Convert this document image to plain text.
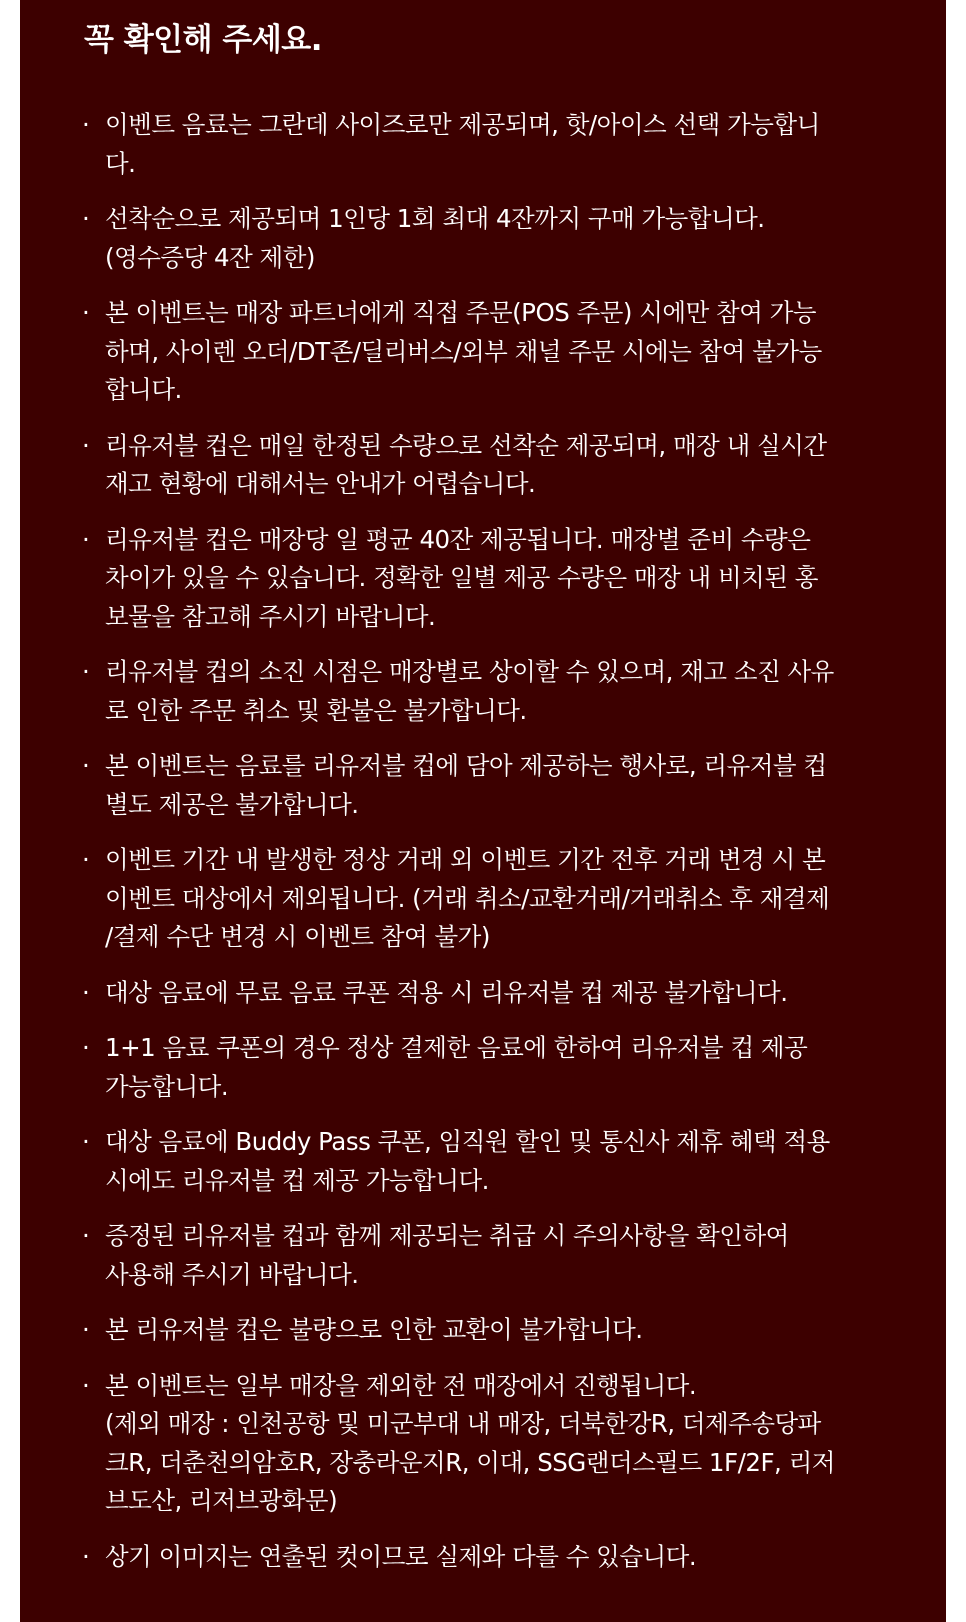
꼭 확인해 주세요.
· 이벤트 음료는 그란데 사이즈로만 제공되며, 핫/아이스 선택 가능합니
다.
· 선착순으로 제공되며 1인당 1회 최대 4잔까지 구매 가능합니다.
(영수증당 4잔 제한)
· 본 이벤트는 매장 파트너에게 직접 주문(POS 주문) 시에만 참여 가능
하며, 사이렌 오더/DT존/딜리버스/외부 채널 주문 시에는 참여 불가능
합니다.
· 리유저블 컵은 매일 한정된 수량으로 선착순 제공되며, 매장 내 실시간
재고 현황에 대해서는 안내가 어렵습니다.
· 리유저블 컵은 매장당 일 평균 40잔 제공됩니다. 매장별 준비 수량은
차이가 있을 수 있습니다. 정확한 일별 제공 수량은 매장 내 비치된 홍
보물을 참고해 주시기 바랍니다.
· 리유저블 컵의 소진 시점은 매장별로 상이할 수 있으며, 재고 소진 사유
로 인한 주문 취소 및 환불은 불가합니다.
· 본 이벤트는 음료를 리유저블 컵에 담아 제공하는 행사로, 리유저블 컵
별도 제공은 불가합니다.
· 이벤트 기간 내 발생한 정상 거래 외 이벤트 기간 전후 거래 변경 시 본
이벤트 대상에서 제외됩니다. (거래 취소/교환거래/거래취소 후 재결제
/결제 수단 변경 시 이벤트 참여 불가)
· 대상 음료에 무료 음료 쿠폰 적용 시 리유저블 컵 제공 불가합니다.
· 1+1 음료 쿠폰의 경우 정상 결제한 음료에 한하여 리유저블 컵 제공
가능합니다.
· 대상 음료에 Buddy Pass 쿠폰, 임직원 할인 및 통신사 제휴 혜택 적용
시에도 리유저블 컵 제공 가능합니다.
· 증정된 리유저블 컵과 함께 제공되는 취급 시 주의사항을 확인하여
사용해 주시기 바랍니다.
· 본 리유저블 컵은 불량으로 인한 교환이 불가합니다.
· 본 이벤트는 일부 매장을 제외한 전 매장에서 진행됩니다.
(제외 매장 : 인천공항 및 미군부대 내 매장, 더북한강R, 더제주송당파
크R, 더춘천의암호R, 장충라운지R, 이대, SSG랜더스필드 1F/2F, 리저
브도산, 리저브광화문)
· 상기 이미지는 연출된 컷이므로 실제와 다를 수 있습니다.
